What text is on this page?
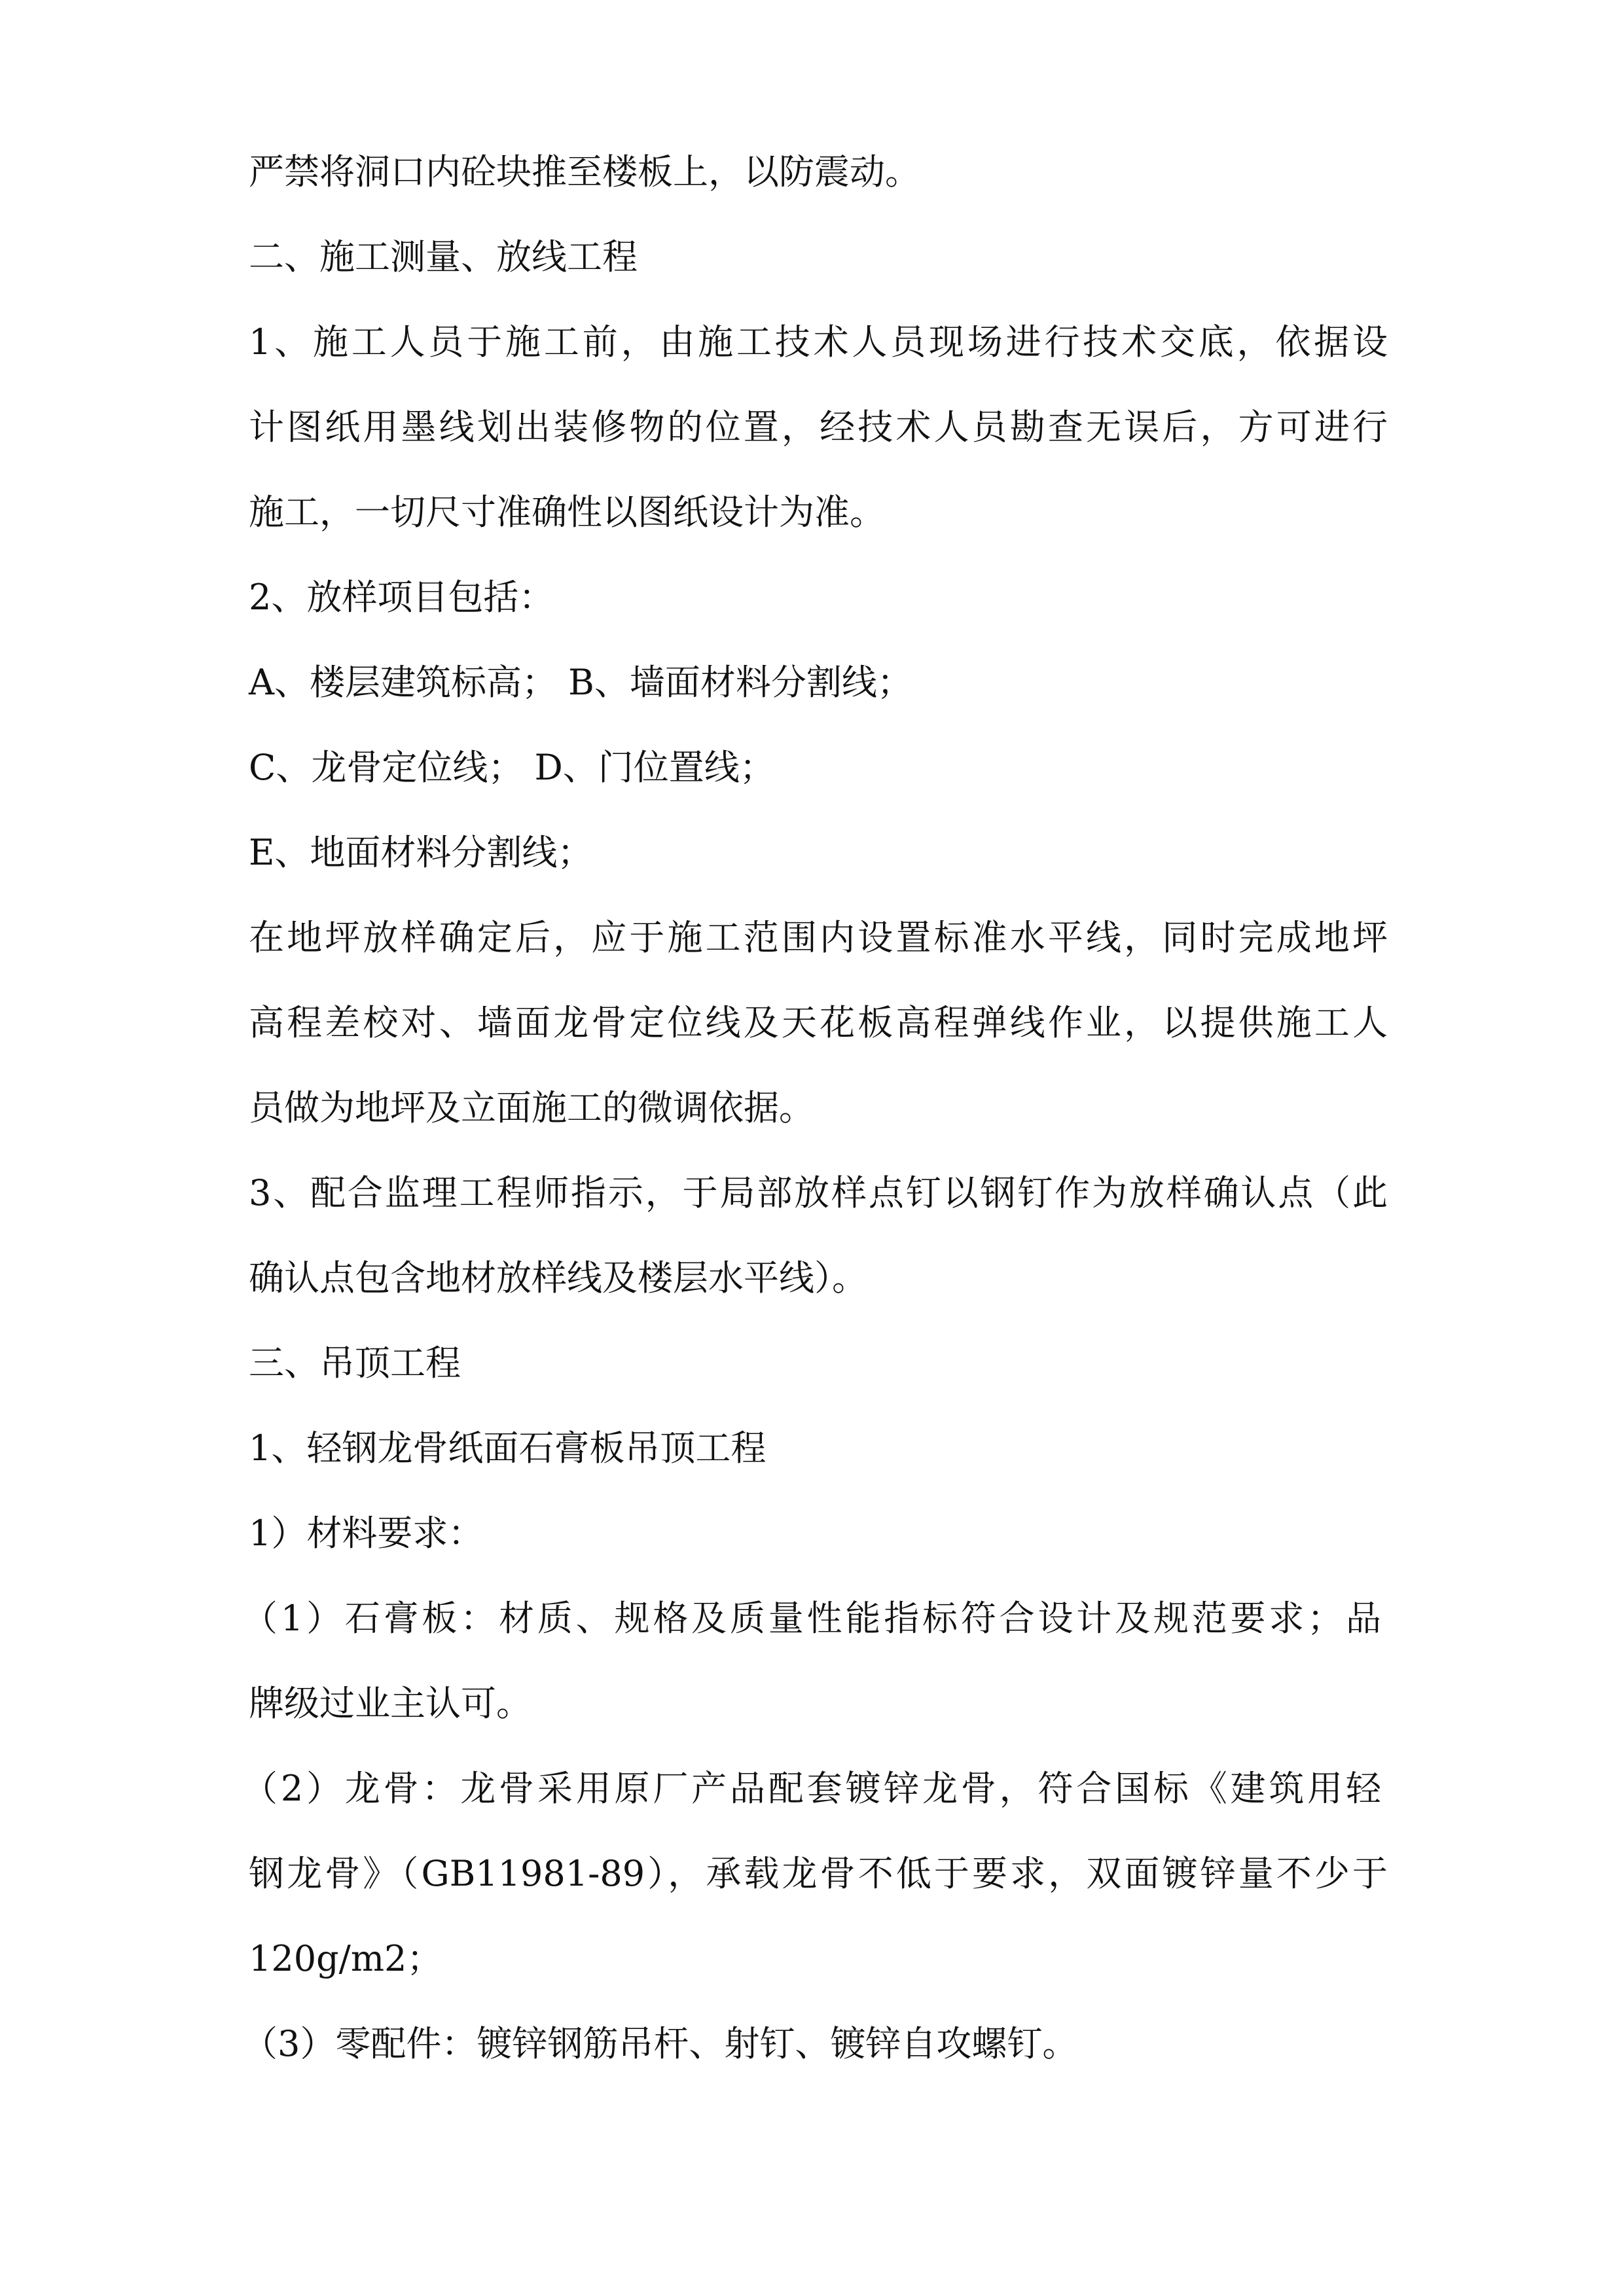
严禁将洞口内砼块推至楼板上，以防震动。
二、施工测量、放线工程
1、施工人员于施工前，由施工技术人员现场进行技术交底，依据设
计图纸用墨线划出装修物的位置，经技术人员勘查无误后，方可进行
施工，一切尺寸准确性以图纸设计为准。
2、放样项目包括：
A、楼层建筑标高； B、墙面材料分割线；
C、龙骨定位线； D、门位置线；
E、地面材料分割线；
在地坪放样确定后，应于施工范围内设置标准水平线，同时完成地坪
高程差校对、墙面龙骨定位线及天花板高程弹线作业，以提供施工人
员做为地坪及立面施工的微调依据。
3、配合监理工程师指示，于局部放样点钉以钢钉作为放样确认点（此
确认点包含地材放样线及楼层水平线）。
三、吊顶工程
1、轻钢龙骨纸面石膏板吊顶工程
1）材料要求：
（1）石膏板：材质、规格及质量性能指标符合设计及规范要求；品
牌级过业主认可。
（2）龙骨：龙骨采用原厂产品配套镀锌龙骨，符合国标《建筑用轻
钢龙骨》（GB11981-89），承载龙骨不低于要求，双面镀锌量不少于
120g/m2；
（3）零配件：镀锌钢筋吊杆、射钉、镀锌自攻螺钉。
